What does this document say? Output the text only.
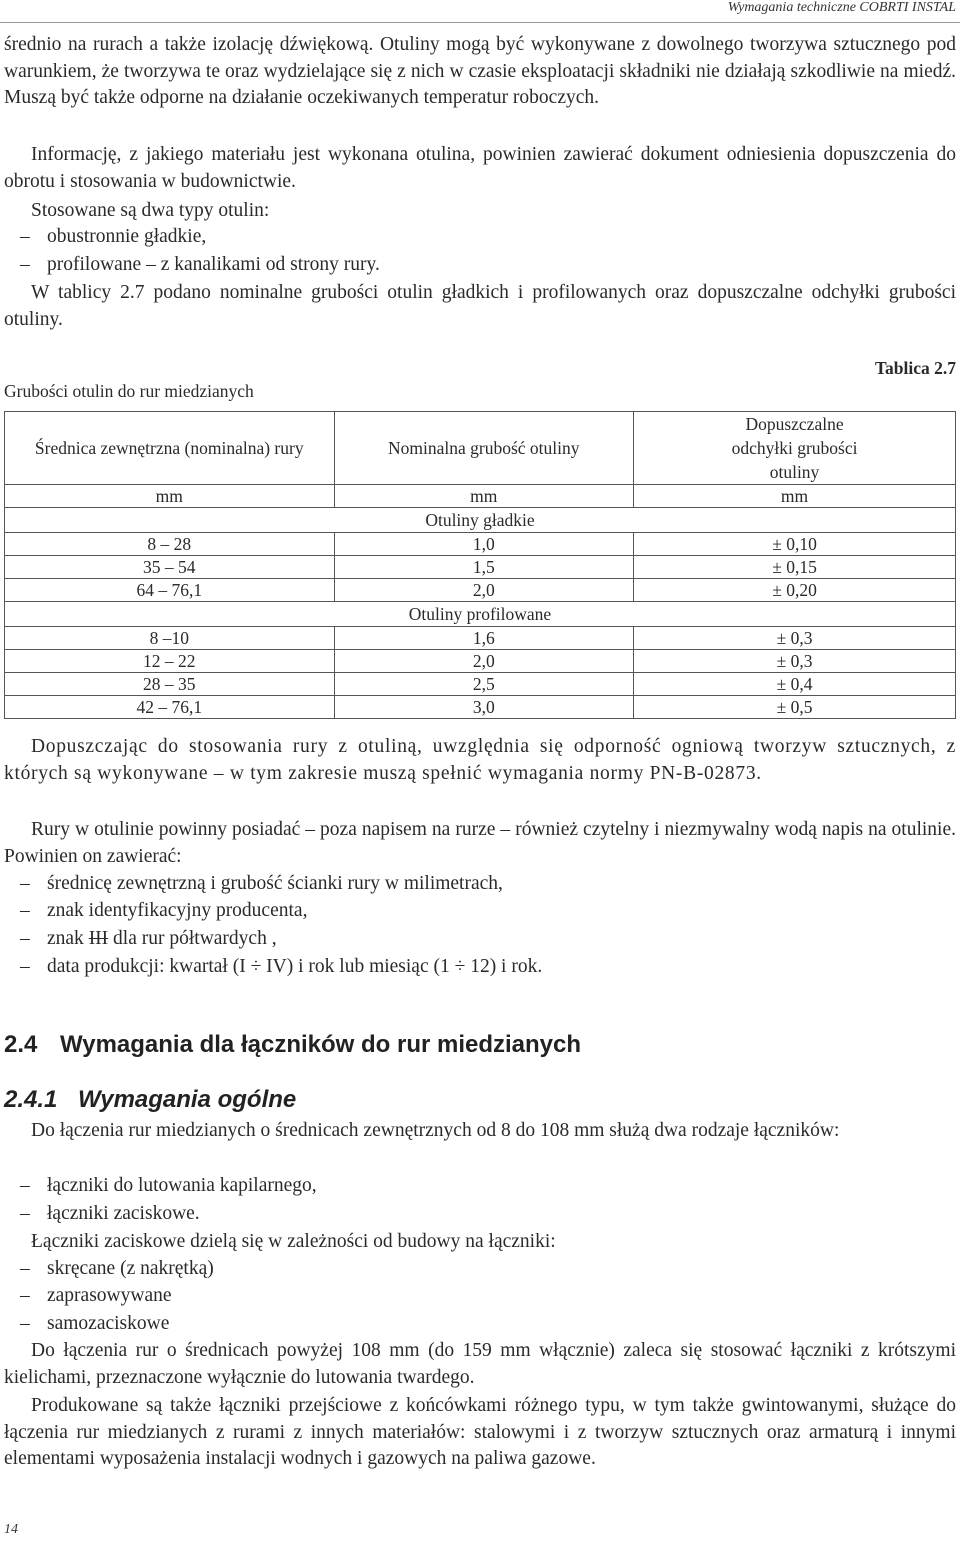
Wymagania techniczne COBRTI INSTAL

średnio na rurach a także izolację dźwiękową. Otuliny mogą być wykonywane z dowolnego tworzywa sztucznego pod warunkiem, że tworzywa te oraz wydzielające się z nich w czasie eksploatacji składniki nie działają szkodliwie na miedź. Muszą być także odporne na działanie oczekiwanych temperatur roboczych.

Informację, z jakiego materiału jest wykonana otulina, powinien zawierać dokument odniesienia dopuszczenia do obrotu i stosowania w budownictwie.

Stosowane są dwa typy otulin:

– obustronnie gładkie,

– profilowane – z kanalikami od strony rury.

W tablicy 2.7 podano nominalne grubości otulin gładkich i profilowanych oraz dopuszczalne odchyłki grubości otuliny.

Tablica 2.7
Grubości otulin do rur miedzianych
Średnica zewnętrzna (nominalna) rury	Nominalna grubość otuliny	Dopuszczalne odchyłki grubości otuliny
mm	mm	mm
Otuliny gładkie		
8 – 28	1,0	± 0,10
35 – 54	1,5	± 0,15
64 – 76,1	2,0	± 0,20
Otuliny profilowane		
8 –10	1,6	± 0,3
12 – 22	2,0	± 0,3
28 – 35	2,5	± 0,4
42 – 76,1	3,0	± 0,5

Dopuszczając do stosowania rury z otuliną, uwzględnia się odporność ogniową tworzyw sztucznych, z których są wykonywane – w tym zakresie muszą spełnić wymagania normy PN-B-02873.

Rury w otulinie powinny posiadać – poza napisem na rurze – również czytelny i niezmywalny wodą napis na otulinie. Powinien on zawierać:

– średnicę zewnętrzną i grubość ścianki rury w milimetrach,

– znak identyfikacyjny producenta,

– znak III dla rur półtwardych ,

– data produkcji: kwartał (I ÷ IV) i rok lub miesiąc (1 ÷ 12) i rok.

2.4 Wymagania dla łączników do rur miedzianych
2.4.1 Wymagania ogólne

Do łączenia rur miedzianych o średnicach zewnętrznych od 8 do 108 mm służą dwa rodzaje łączników:

– łączniki do lutowania kapilarnego,

– łączniki zaciskowe.

Łączniki zaciskowe dzielą się w zależności od budowy na łączniki:

– skręcane (z nakrętką)

– zaprasowywane

– samozaciskowe

Do łączenia rur o średnicach powyżej 108 mm (do 159 mm włącznie) zaleca się stosować łączniki z krótszymi kielichami, przeznaczone wyłącznie do lutowania twardego.

Produkowane są także łączniki przejściowe z końcówkami różnego typu, w tym także gwintowanymi, służące do łączenia rur miedzianych z rurami z innych materiałów: stalowymi i z tworzyw sztucznych oraz armaturą i innymi elementami wyposażenia instalacji wodnych i gazowych na paliwa gazowe.

14
